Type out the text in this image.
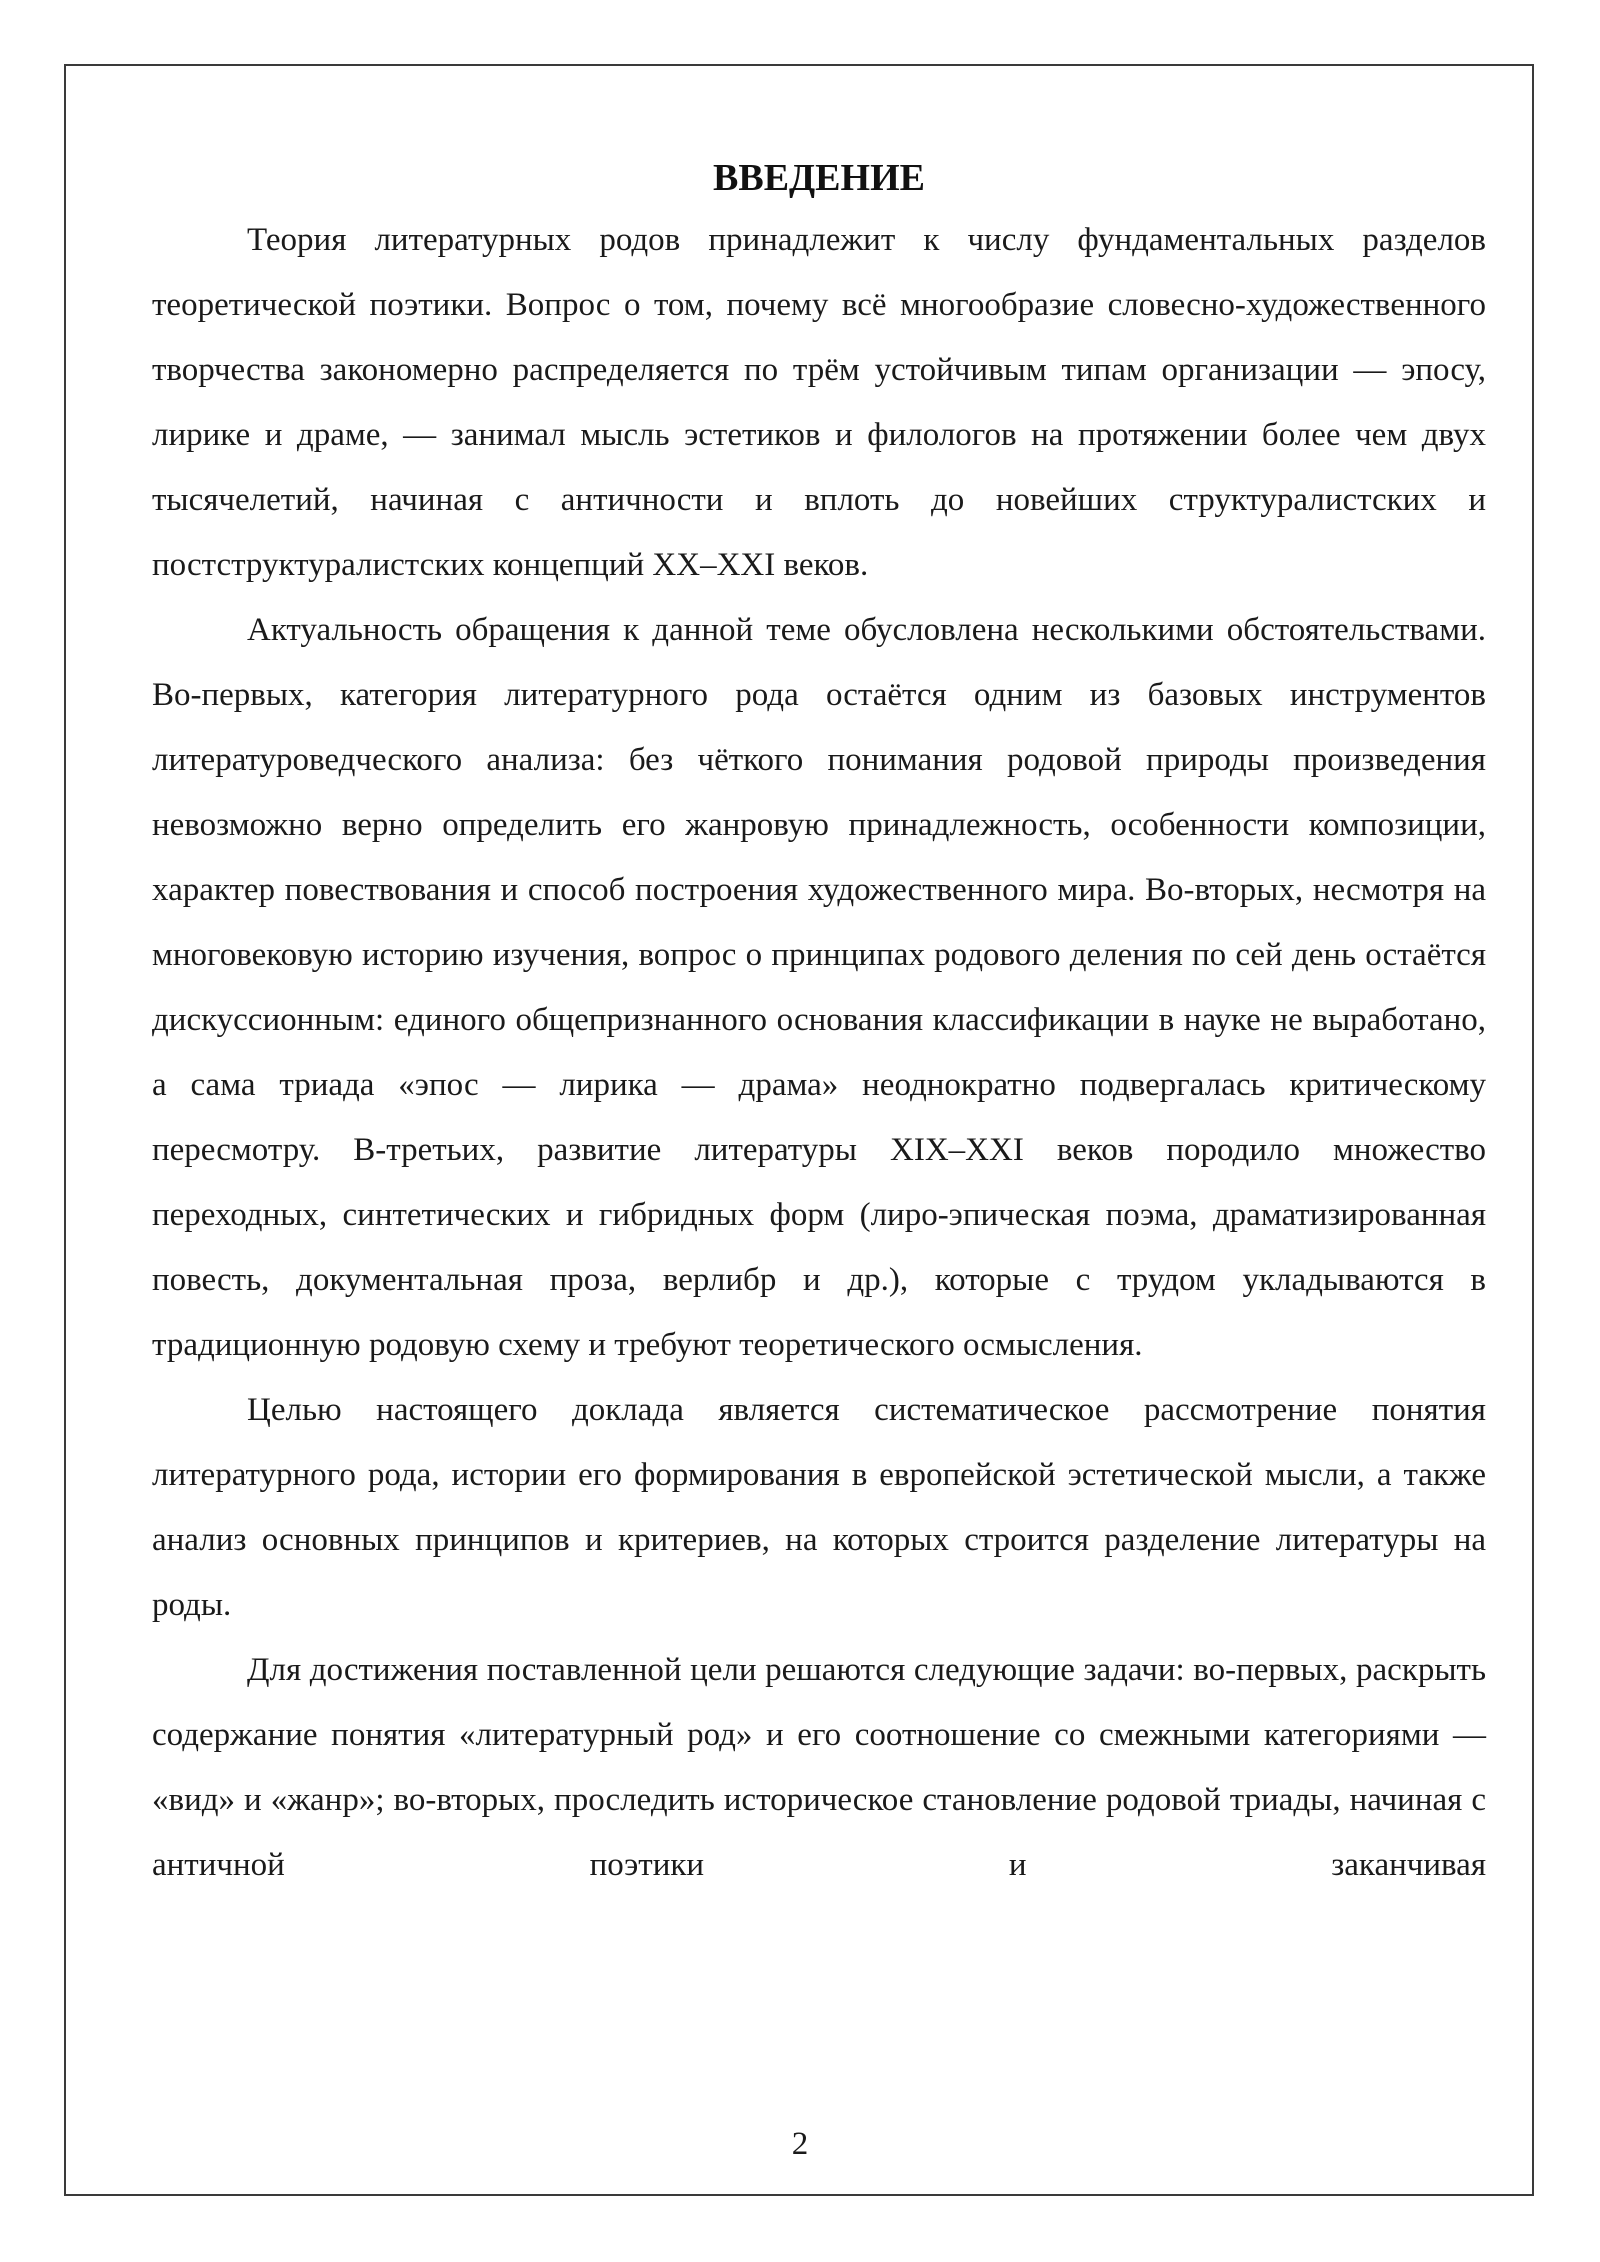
ВВЕДЕНИЕ

Теория литературных родов принадлежит к числу фундаментальных разделов теоретической поэтики. Вопрос о том, почему всё многообразие словесно-художественного творчества закономерно распределяется по трём устойчивым типам организации — эпосу, лирике и драме, — занимал мысль эстетиков и филологов на протяжении более чем двух тысячелетий, начиная с античности и вплоть до новейших структуралистских и постструктуралистских концепций XX–XXI веков.

Актуальность обращения к данной теме обусловлена несколькими обстоятельствами. Во-первых, категория литературного рода остаётся одним из базовых инструментов литературоведческого анализа: без чёткого понимания родовой природы произведения невозможно верно определить его жанровую принадлежность, особенности композиции, характер повествования и способ построения художественного мира. Во-вторых, несмотря на многовековую историю изучения, вопрос о принципах родового деления по сей день остаётся дискуссионным: единого общепризнанного основания классификации в науке не выработано, а сама триада «эпос — лирика — драма» неоднократно подвергалась критическому пересмотру. В-третьих, развитие литературы XIX–XXI веков породило множество переходных, синтетических и гибридных форм (лиро-эпическая поэма, драматизированная повесть, документальная проза, верлибр и др.), которые с трудом укладываются в традиционную родовую схему и требуют теоретического осмысления.

Целью настоящего доклада является систематическое рассмотрение понятия литературного рода, истории его формирования в европейской эстетической мысли, а также анализ основных принципов и критериев, на которых строится разделение литературы на роды.

Для достижения поставленной цели решаются следующие задачи: во-первых, раскрыть содержание понятия «литературный род» и его соотношение со смежными категориями — «вид» и «жанр»; во-вторых, проследить историческое становление родовой триады, начиная с античной поэтики и заканчивая

2
